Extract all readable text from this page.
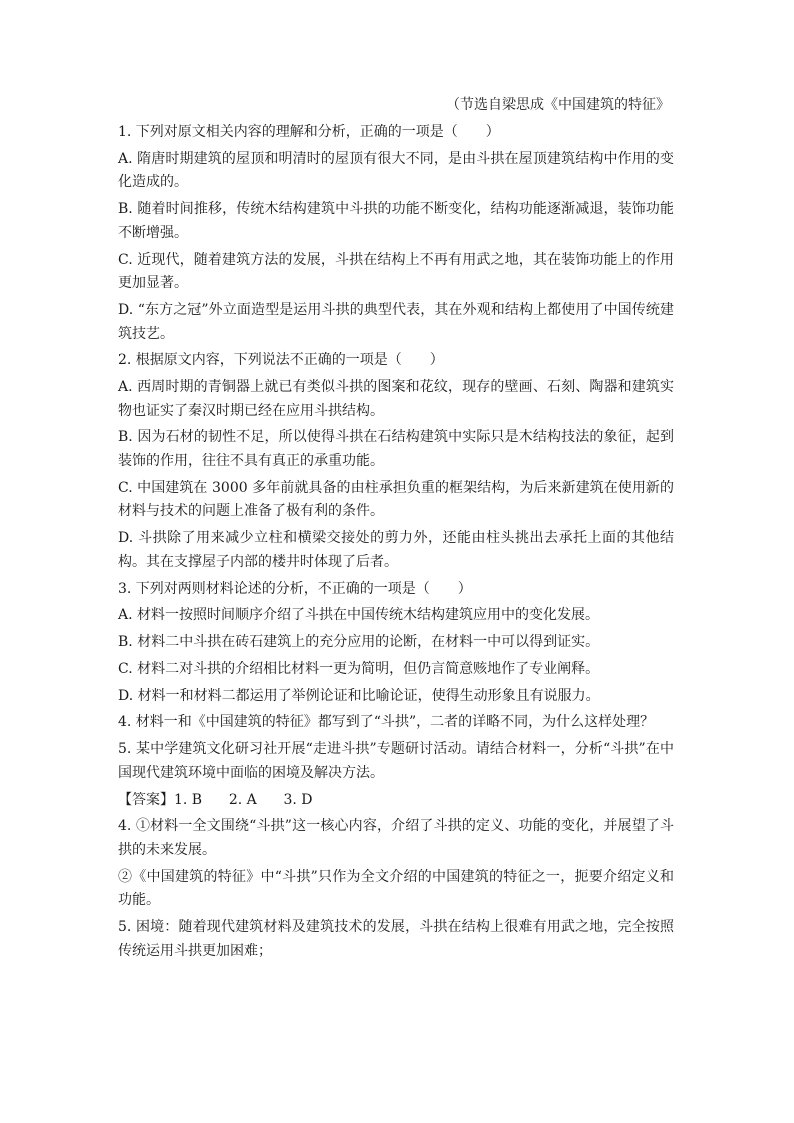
（节选自梁思成《中国建筑的特征》

1. 下列对原文相关内容的理解和分析，正确的一项是（　　）

A. 隋唐时期建筑的屋顶和明清时的屋顶有很大不同，是由斗拱在屋顶建筑结构中作用的变化造成的。

B. 随着时间推移，传统木结构建筑中斗拱的功能不断变化，结构功能逐渐减退，装饰功能不断增强。

C. 近现代，随着建筑方法的发展，斗拱在结构上不再有用武之地，其在装饰功能上的作用更加显著。

D. “东方之冠”外立面造型是运用斗拱的典型代表，其在外观和结构上都使用了中国传统建筑技艺。

2. 根据原文内容，下列说法不正确的一项是（　　）

A. 西周时期的青铜器上就已有类似斗拱的图案和花纹，现存的壁画、石刻、陶器和建筑实物也证实了秦汉时期已经在应用斗拱结构。

B. 因为石材的韧性不足，所以使得斗拱在石结构建筑中实际只是木结构技法的象征，起到装饰的作用，往往不具有真正的承重功能。

C. 中国建筑在 3000 多年前就具备的由柱承担负重的框架结构，为后来新建筑在使用新的材料与技术的问题上准备了极有利的条件。

D. 斗拱除了用来减少立柱和横梁交接处的剪力外，还能由柱头挑出去承托上面的其他结构。其在支撑屋子内部的楼井时体现了后者。

3. 下列对两则材料论述的分析，不正确的一项是（　　）

A. 材料一按照时间顺序介绍了斗拱在中国传统木结构建筑应用中的变化发展。

B. 材料二中斗拱在砖石建筑上的充分应用的论断，在材料一中可以得到证实。

C. 材料二对斗拱的介绍相比材料一更为简明，但仍言简意赅地作了专业阐释。

D. 材料一和材料二都运用了举例论证和比喻论证，使得生动形象且有说服力。

4. 材料一和《中国建筑的特征》都写到了“斗拱”，二者的详略不同，为什么这样处理？

5. 某中学建筑文化研习社开展“走进斗拱”专题研讨活动。请结合材料一，分析“斗拱”在中国现代建筑环境中面临的困境及解决方法。

【答案】1. B 2. A 3. D

4. ①材料一全文围绕“斗拱”这一核心内容，介绍了斗拱的定义、功能的变化，并展望了斗拱的未来发展。

②《中国建筑的特征》中“斗拱”只作为全文介绍的中国建筑的特征之一，扼要介绍定义和功能。

5. 困境：随着现代建筑材料及建筑技术的发展，斗拱在结构上很难有用武之地，完全按照传统运用斗拱更加困难；
